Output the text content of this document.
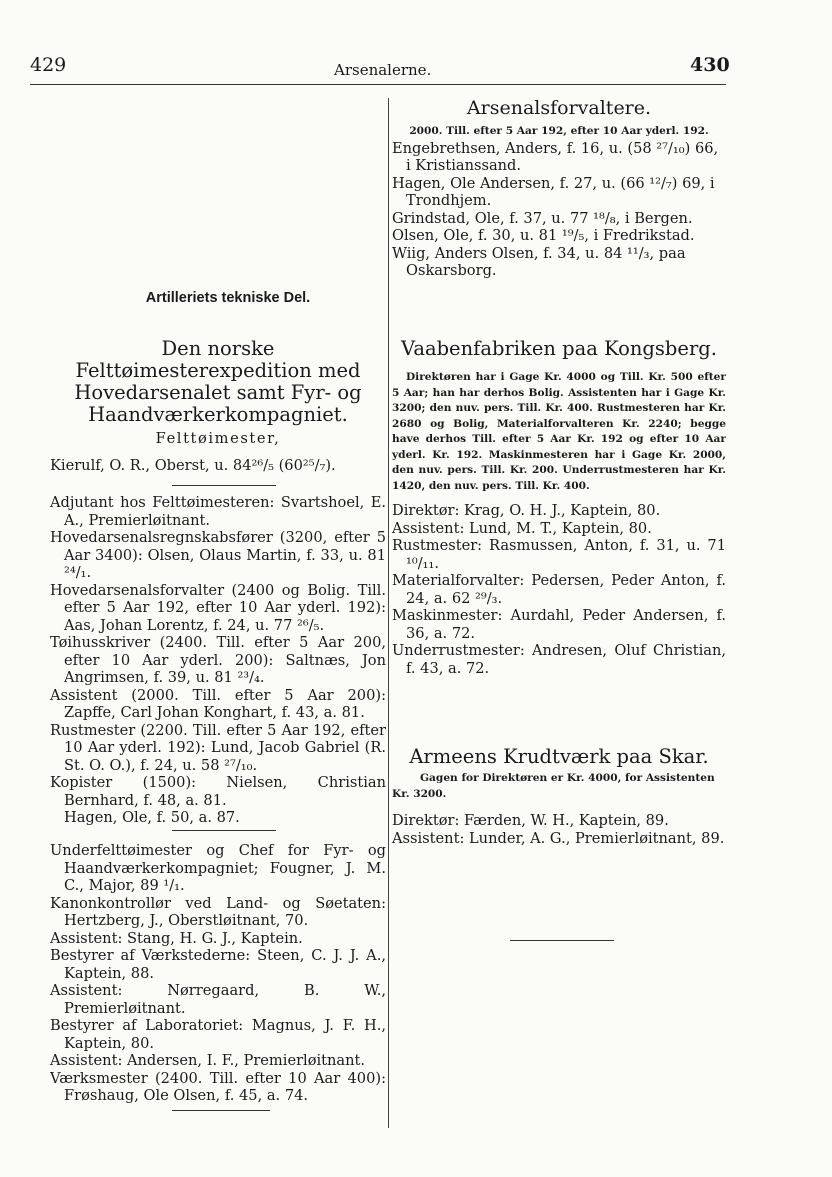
429	Arsenalerne.	430

Artilleriets tekniske Del.

Den norske Felttøimesterexpedition med Hovedarsenalet samt Fyr- og Haandværkerkompagniet.

Felttøimester,

Kierulf, O. R., Oberst, u. 84²⁶/₅ (60²⁵/₇).

Adjutant hos Felttøimesteren: Svartshoel, E. A., Premierløitnant.

Hovedarsenalsregnskabsfører (3200, efter 5 Aar 3400): Olsen, Olaus Martin, f. 33, u. 81 ²⁴/₁.

Hovedarsenalsforvalter (2400 og Bolig. Till. efter 5 Aar 192, efter 10 Aar yderl. 192): Aas, Johan Lorentz, f. 24, u. 77 ²⁶/₅.

Tøihusskriver (2400. Till. efter 5 Aar 200, efter 10 Aar yderl. 200): Saltnæs, Jon Angrimsen, f. 39, u. 81 ²³/₄.

Assistent (2000. Till. efter 5 Aar 200): Zapffe, Carl Johan Konghart, f. 43, a. 81.

Rustmester (2200. Till. efter 5 Aar 192, efter 10 Aar yderl. 192): Lund, Jacob Gabriel (R. St. O. O.), f. 24, u. 58 ²⁷/₁₀.

Kopister (1500): Nielsen, Christian Bernhard, f. 48, a. 81.

Hagen, Ole, f. 50, a. 87.

Underfelttøimester og Chef for Fyr- og Haandværkerkompagniet; Fougner, J. M. C., Major, 89 ¹/₁.

Kanonkontrollør ved Land- og Søetaten: Hertzberg, J., Oberstløitnant, 70.

Assistent: Stang, H. G. J., Kaptein.

Bestyrer af Værkstederne: Steen, C. J. J. A., Kaptein, 88.

Assistent: Nørregaard, B. W., Premierløitnant.

Bestyrer af Laboratoriet: Magnus, J. F. H., Kaptein, 80.

Assistent: Andersen, I. F., Premierløitnant.

Værksmester (2400. Till. efter 10 Aar 400): Frøshaug, Ole Olsen, f. 45, a. 74.

Arsenalsforvaltere.

2000. Till. efter 5 Aar 192, efter 10 Aar yderl. 192.

Engebrethsen, Anders, f. 16, u. (58 ²⁷/₁₀) 66, i Kristianssand.

Hagen, Ole Andersen, f. 27, u. (66 ¹²/₇) 69, i Trondhjem.

Grindstad, Ole, f. 37, u. 77 ¹⁸/₈, i Bergen.

Olsen, Ole, f. 30, u. 81 ¹⁹/₅, i Fredrikstad.

Wiig, Anders Olsen, f. 34, u. 84 ¹¹/₃, paa Oskarsborg.

Vaabenfabriken paa Kongsberg.

Direktøren har i Gage Kr. 4000 og Till. Kr. 500 efter 5 Aar; han har derhos Bolig. Assistenten har i Gage Kr. 3200; den nuv. pers. Till. Kr. 400. Rustmesteren har Kr. 2680 og Bolig, Materialforvalteren Kr. 2240; begge have derhos Till. efter 5 Aar Kr. 192 og efter 10 Aar yderl. Kr. 192. Maskinmesteren har i Gage Kr. 2000, den nuv. pers. Till. Kr. 200. Underrustmesteren har Kr. 1420, den nuv. pers. Till. Kr. 400.

Direktør: Krag, O. H. J., Kaptein, 80.

Assistent: Lund, M. T., Kaptein, 80.

Rustmester: Rasmussen, Anton, f. 31, u. 71 ¹⁰/₁₁.

Materialforvalter: Pedersen, Peder Anton, f. 24, a. 62 ²⁹/₃.

Maskinmester: Aurdahl, Peder Andersen, f. 36, a. 72.

Underrustmester: Andresen, Oluf Christian, f. 43, a. 72.

Armeens Krudtværk paa Skar.

Gagen for Direktøren er Kr. 4000, for Assistenten Kr. 3200.

Direktør: Færden, W. H., Kaptein, 89.

Assistent: Lunder, A. G., Premierløitnant, 89.
